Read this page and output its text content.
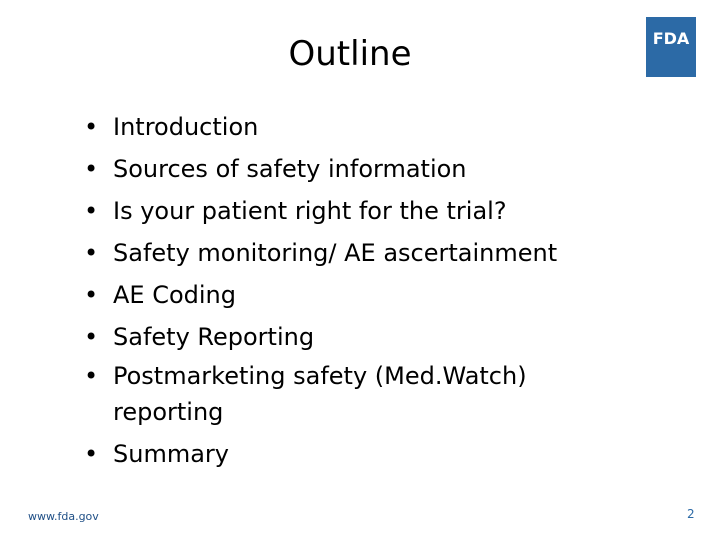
Outline	FDA
• Introduction
• Sources of safety information
• Is your patient right for the trial?
• Safety monitoring/ AE ascertainment
• AE Coding
• Safety Reporting
• Postmarketing safety (Med.Watch) reporting
• Summary
www.fda.gov	2
